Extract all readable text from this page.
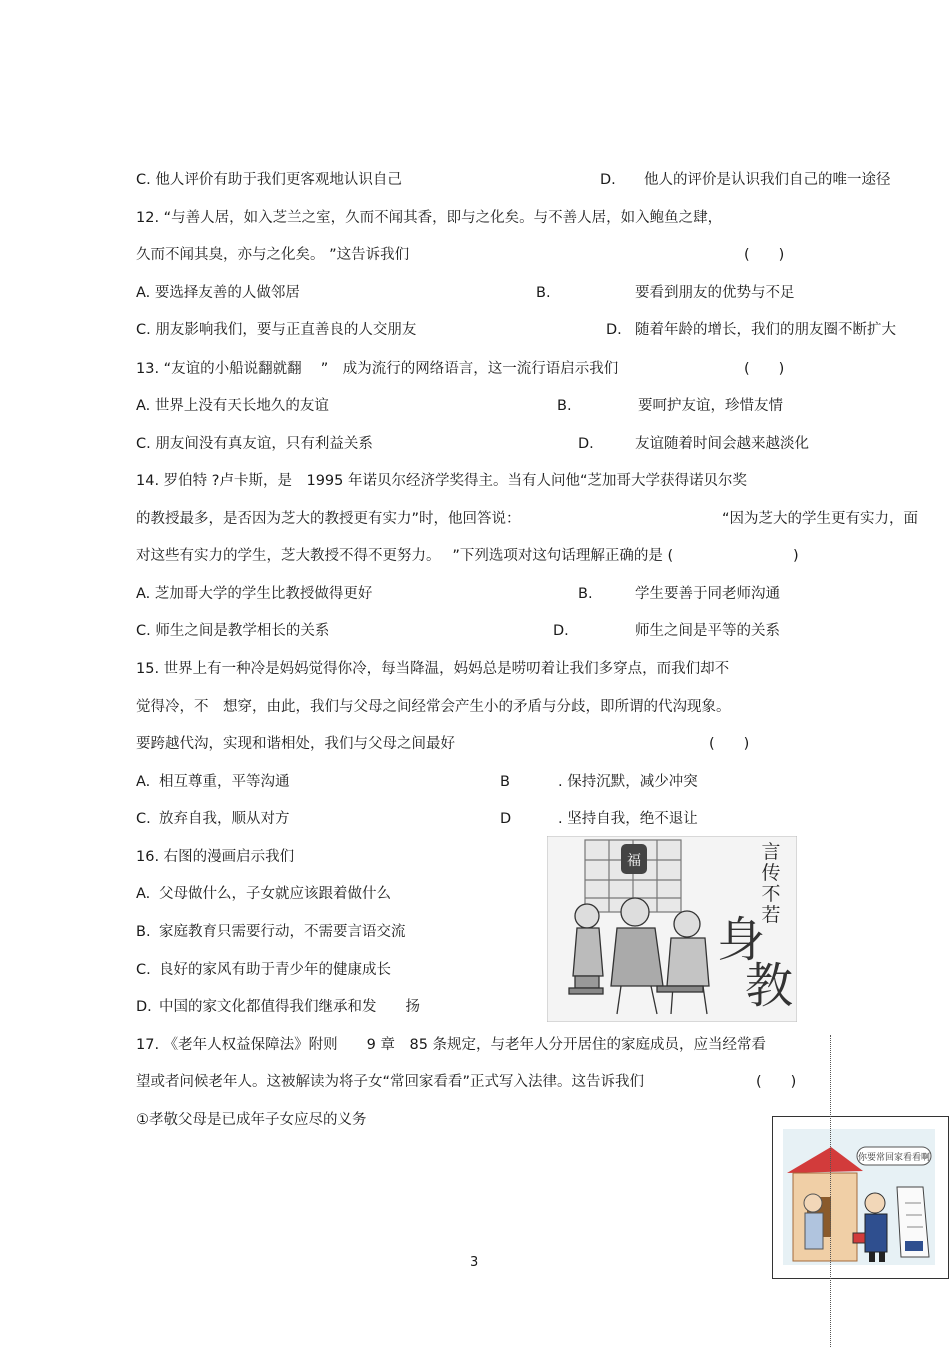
C. 他人评价有助于我们更客观地认识自己	D. 他人的评价是认识我们自己的唯一途径
12. “与善人居，如入芝兰之室，久而不闻其香，即与之化矣。与不善人居，如入鲍鱼之肆，
久而不闻其臭，亦与之化矣。 ”这告诉我们	(　　)
A. 要选择友善的人做邻居	B.	要看到朋友的优势与不足
C. 朋友影响我们，要与正直善良的人交朋友	D. 随着年龄的增长，我们的朋友圈不断扩大
13. “友谊的小船说翻就翻　 ”　成为流行的网络语言，这一流行语启示我们	(　　)
A. 世界上没有天长地久的友谊	B.	要呵护友谊，珍惜友情
C. 朋友间没有真友谊，只有利益关系	D.	友谊随着时间会越来越淡化
14. 罗伯特 ?卢卡斯，是　1995 年诺贝尔经济学奖得主。当有人问他“芝加哥大学获得诺贝尔奖
的教授最多，是否因为芝大的教授更有实力”时，他回答说：	“因为芝大的学生更有实力，面
对这些有实力的学生，芝大教授不得不更努力。　 ”下列选项对这句话理解正确的是 (	)
A. 芝加哥大学的学生比教授做得更好	B.	学生要善于同老师沟通
C. 师生之间是教学相长的关系	D.	师生之间是平等的关系
15. 世界上有一种冷是妈妈觉得你冷，每当降温，妈妈总是唠叨着让我们多穿点，而我们却不
觉得冷，不　想穿，由此，我们与父母之间经常会产生小的矛盾与分歧，即所谓的代沟现象。
要跨越代沟，实现和谐相处，我们与父母之间最好	(　　)
A. 相互尊重，平等沟通	B	. 保持沉默，减少冲突
C. 放弃自我，顺从对方	D	. 坚持自我，绝不退让
16. 右图的漫画启示我们
A. 父母做什么，子女就应该跟着做什么
B. 家庭教育只需要行动，不需要言语交流
C. 良好的家风有助于青少年的健康成长
D. 中国的家文化都值得我们继承和发　　扬
17. 《老年人权益保障法》附则　　9 章　85 条规定，与老年人分开居住的家庭成员，应当经常看
望或者问候老年人。这被解读为将子女“常回家看看”正式写入法律。这告诉我们	(　　)
①孝敬父母是已成年子女应尽的义务
福	言传不若
身教
你要常回家看看啊
3
